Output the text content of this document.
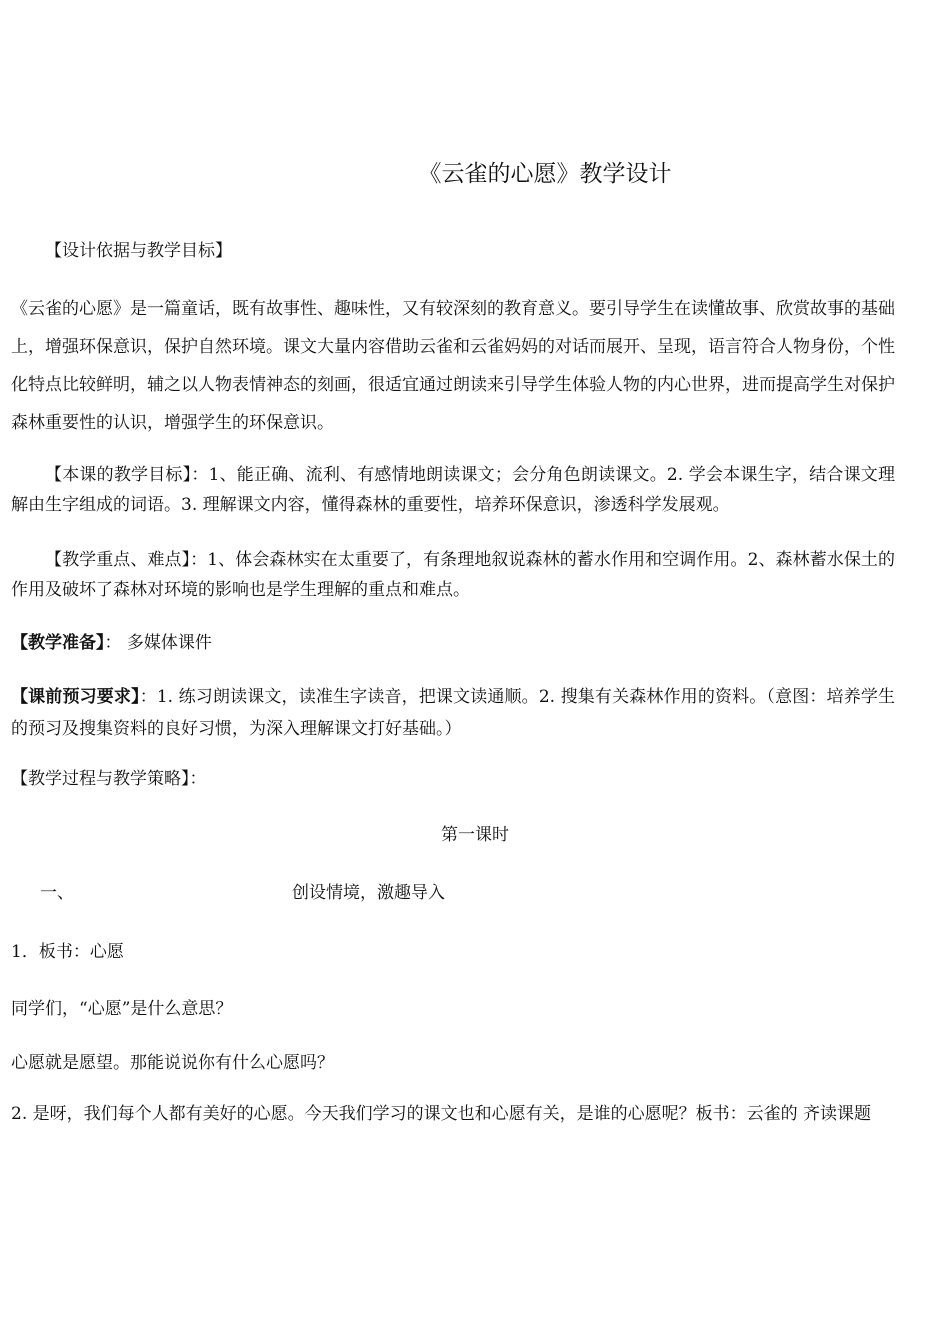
《云雀的心愿》教学设计

【设计依据与教学目标】

《云雀的心愿》是一篇童话，既有故事性、趣味性，又有较深刻的教育意义。要引导学生在读懂故事、欣赏故事的基础上，增强环保意识，保护自然环境。课文大量内容借助云雀和云雀妈妈的对话而展开、呈现，语言符合人物身份，个性化特点比较鲜明，辅之以人物表情神态的刻画，很适宜通过朗读来引导学生体验人物的内心世界，进而提高学生对保护森林重要性的认识，增强学生的环保意识。

【本课的教学目标】：1、能正确、流利、有感情地朗读课文；会分角色朗读课文。2. 学会本课生字，结合课文理解由生字组成的词语。3. 理解课文内容，懂得森林的重要性，培养环保意识，渗透科学发展观。

【教学重点、难点】：1、体会森林实在太重要了，有条理地叙说森林的蓄水作用和空调作用。2、森林蓄水保土的作用及破坏了森林对环境的影响也是学生理解的重点和难点。

【教学准备】： 多媒体课件

【课前预习要求】：1. 练习朗读课文，读准生字读音，把课文读通顺。2. 搜集有关森林作用的资料。（意图：培养学生的预习及搜集资料的良好习惯，为深入理解课文打好基础。）

【教学过程与教学策略】：

第一课时

一、	创设情境，激趣导入

1．板书：心愿

同学们，“心愿”是什么意思？

心愿就是愿望。那能说说你有什么心愿吗？

2. 是呀，我们每个人都有美好的心愿。今天我们学习的课文也和心愿有关，是谁的心愿呢？板书：云雀的 齐读课题
